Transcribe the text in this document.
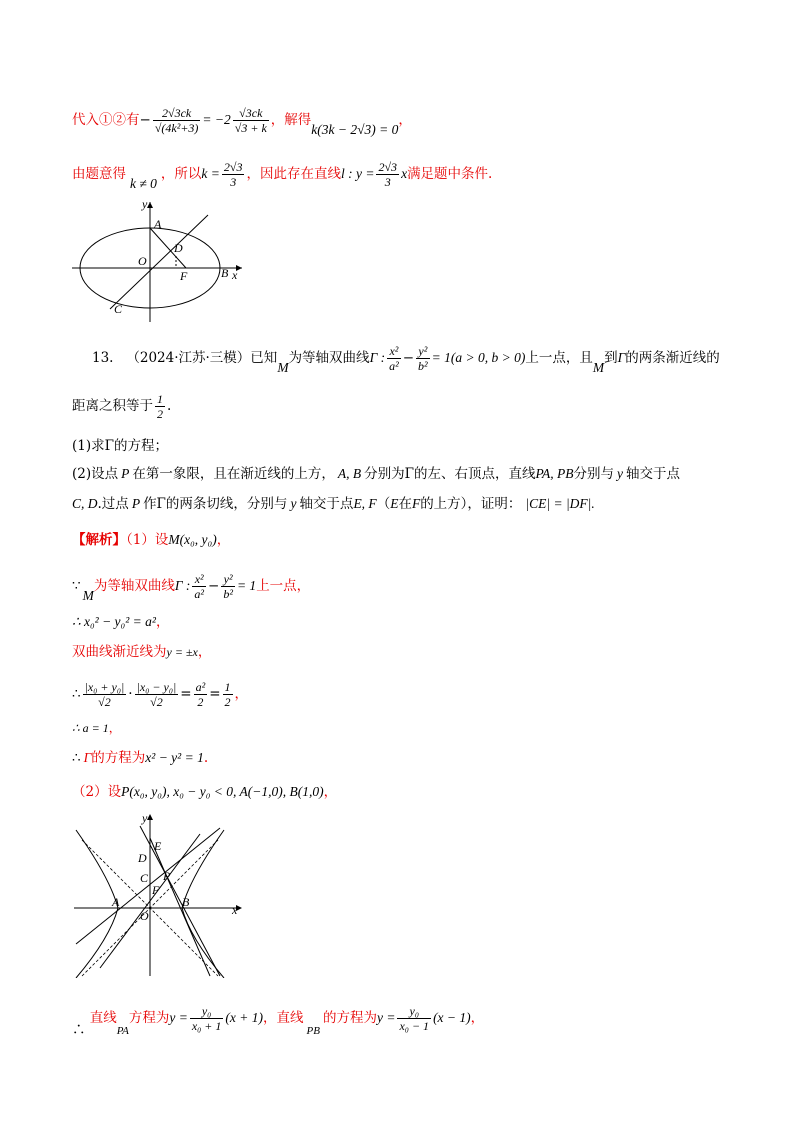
代入①②有− $\frac{2√3ck}{\text{√(4k²+3)}} = -2 \frac{√3ck}{√3 + k}$ ，解得k(3k − 2√3) = 0，
由题意得k ≠ 0，所以$k = \frac{2√3}{3}$ ，因此存在直线l : $y = \frac{2√3}{3}$ x满足题中条件.
y
A
D
O
F	B x
C
13. （2024·江苏·三模）已知M为等轴双曲线Γ : $\frac{\text{x²}}{\text{a²}} - \frac{\text{y²}}{\text{b²}} = 1(a > 0$, b > 0)上一点，且M到Γ的两条渐近线的
距离之积等于 $\frac{1}{2}$ .
(1)求Γ的方程；
(2)设点 P 在第一象限，且在渐近线的上方， A, B 分别为Γ的左、右顶点，直线PA, PB分别与 y 轴交于点
C, D.过点 P 作Γ的两条切线，分别与 y 轴交于点E, F（E在F的上方），证明： |CE| = |DF|.
【解析】（1）设M(x₀, y₀)，
∵M为等轴双曲线Γ : $\frac{\text{x²}}{\text{a²}} - \frac{\text{y²}}{\text{b²}} = 1$上一点，
∴ x₀² − y₀² = a²，
双曲线渐近线为y = ±x，
∴ $\frac{\text{|x₀ + y₀|}}{√2} \cdot \frac{\text{|x₀ − y₀|}}{√2} = \frac{\text{a²}}{2} = \frac{1}{2}$ ，
∴ a = 1，
∴ Γ的方程为x² − y² = 1.
（2）设P(x₀, y₀), x₀ − y₀ < 0, A(−1,0), B(1,0)，
y
E
D
C P
F
A	B
O	x
∴ 直线$_{PA}$方程为$y = \frac{\text{y₀}}{\text{x₀ + 1}} (x + 1)$，直线$_{PB}$的方程为$y = \frac{\text{y₀}}{\text{x₀ − 1}} (x - 1)$，
